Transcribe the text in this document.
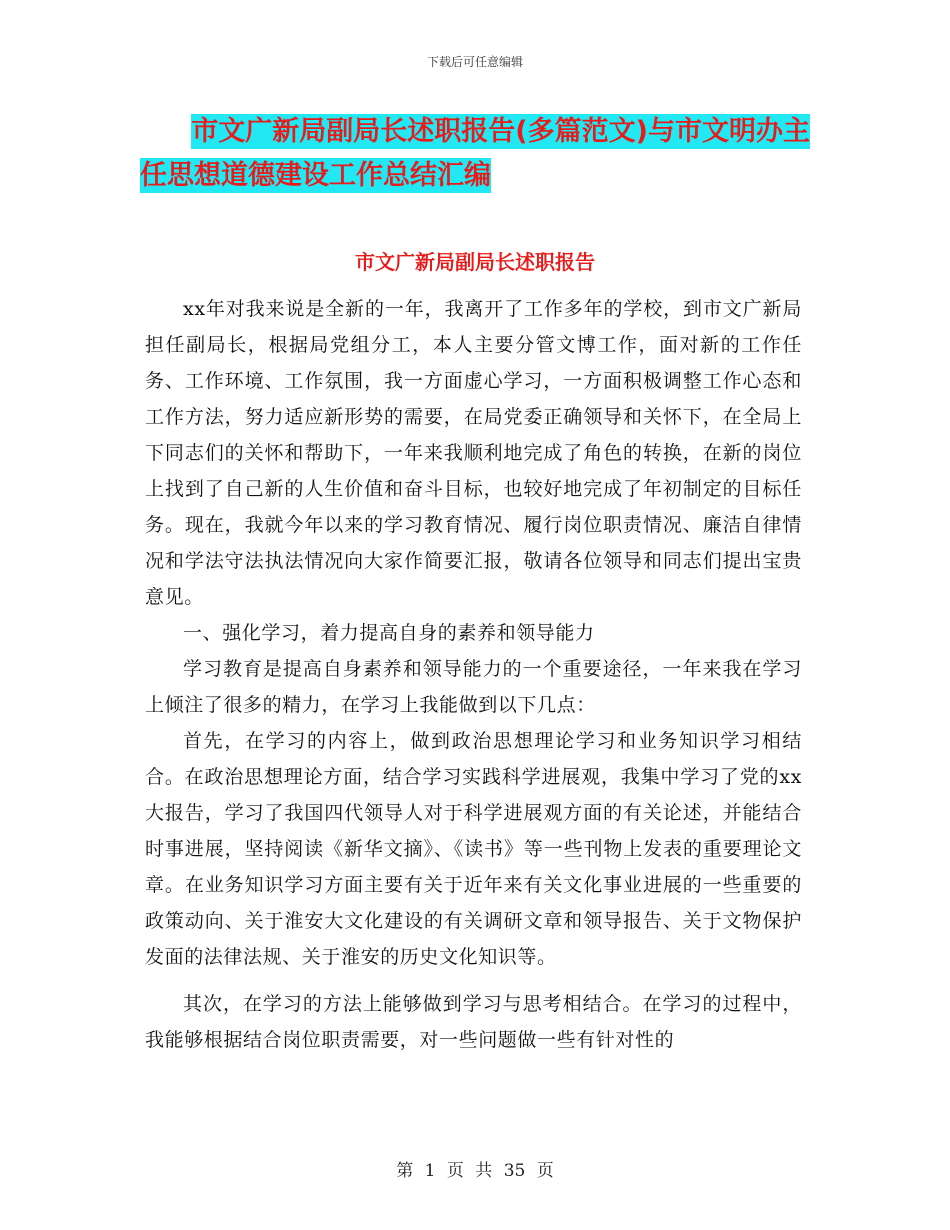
下载后可任意编辑
市文广新局副局长述职报告(多篇范文)与市文明办主
任思想道德建设工作总结汇编
市文广新局副局长述职报告

xx年对我来说是全新的一年，我离开了工作多年的学校，到市文广新局担任副局长，根据局党组分工，本人主要分管文博工作，面对新的工作任务、工作环境、工作氛围，我一方面虚心学习，一方面积极调整工作心态和工作方法，努力适应新形势的需要，在局党委正确领导和关怀下，在全局上下同志们的关怀和帮助下，一年来我顺利地完成了角色的转换，在新的岗位上找到了自己新的人生价值和奋斗目标，也较好地完成了年初制定的目标任务。现在，我就今年以来的学习教育情况、履行岗位职责情况、廉洁自律情况和学法守法执法情况向大家作简要汇报，敬请各位领导和同志们提出宝贵意见。

一、强化学习，着力提高自身的素养和领导能力

学习教育是提高自身素养和领导能力的一个重要途径，一年来我在学习上倾注了很多的精力，在学习上我能做到以下几点：

首先，在学习的内容上，做到政治思想理论学习和业务知识学习相结合。在政治思想理论方面，结合学习实践科学进展观，我集中学习了党的xx大报告，学习了我国四代领导人对于科学进展观方面的有关论述，并能结合时事进展，坚持阅读《新华文摘》、《读书》等一些刊物上发表的重要理论文章。在业务知识学习方面主要有关于近年来有关文化事业进展的一些重要的政策动向、关于淮安大文化建设的有关调研文章和领导报告、关于文物保护发面的法律法规、关于淮安的历史文化知识等。

其次，在学习的方法上能够做到学习与思考相结合。在学习的过程中，我能够根据结合岗位职责需要，对一些问题做一些有针对性的

第 1 页 共 35 页
